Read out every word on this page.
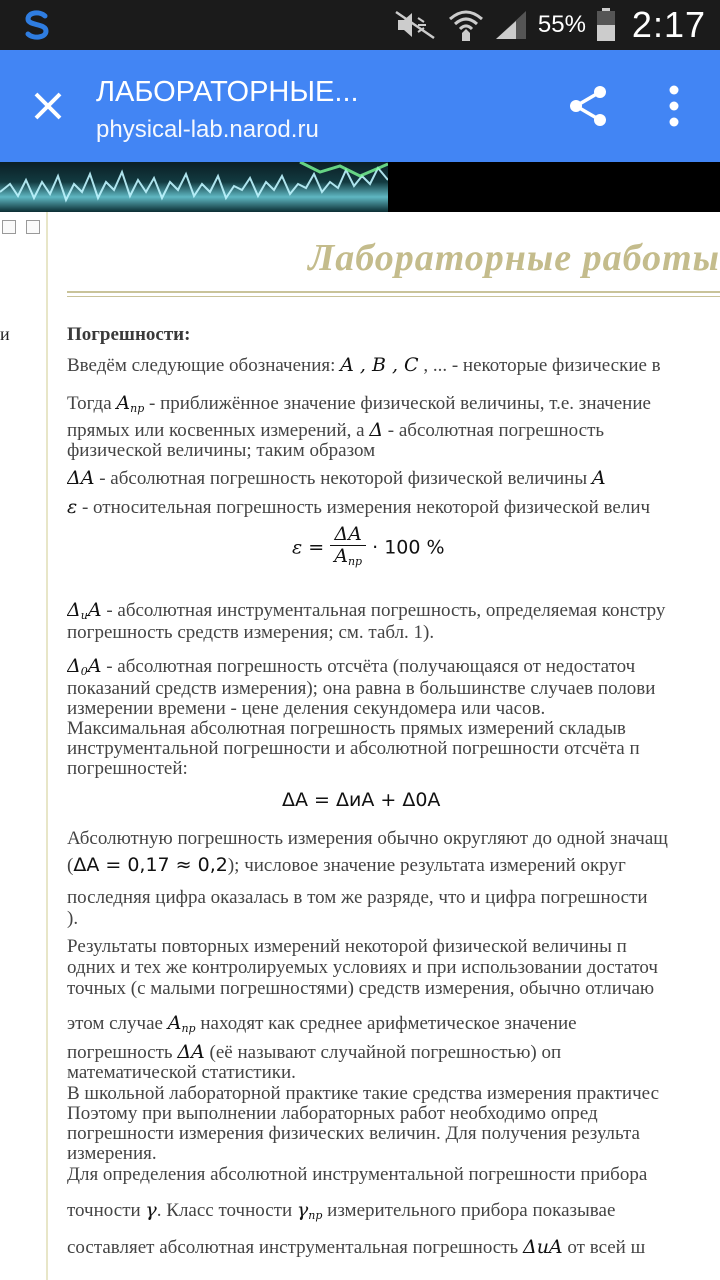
55% 2:17
ЛАБОРАТОРНЫЕ...
physical-lab.narod.ru
и
Лабораторные работы
Погрешности:
Введём следующие обозначения: A , B , C , ... - некоторые физические в
Тогда $A_{пр}$ - приближённое значение физической величины, т.е. значение
прямых или косвенных измерений, а Δ - абсолютная погрешность
физической величины; таким образом
ΔA - абсолютная погрешность некоторой физической величины A
ε - относительная погрешность измерения некоторой физической велич
$\varepsilon = \frac{\Delta A}{A_{пр}} \cdot 100$ %
$\Delta_иA$ - абсолютная инструментальная погрешность, определяемая констру
погрешность средств измерения; см. табл. 1).
$\Delta_0A$ - абсолютная погрешность отсчёта (получающаяся от недостаточ
показаний средств измерения); она равна в большинстве случаев полови
измерении времени - цене деления секундомера или часов.
Максимальная абсолютная погрешность прямых измерений складыв
инструментальной погрешности и абсолютной погрешности отсчёта п
погрешностей:
ΔA = ΔиA + Δ0A
Абсолютную погрешность измерения обычно округляют до одной значащ
(ΔA = 0,17 ≈ 0,2); числовое значение результата измерений округ
последняя цифра оказалась в том же разряде, что и цифра погрешности
).
Результаты повторных измерений некоторой физической величины п
одних и тех же контролируемых условиях и при использовании достаточ
точных (с малыми погрешностями) средств измерения, обычно отличаю
этом случае $A_{пр}$ находят как среднее арифметическое значение
погрешность ΔA (её называют случайной погрешностью) оп
математической статистики.
В школьной лабораторной практике такие средства измерения практичес
Поэтому при выполнении лабораторных работ необходимо опред
погрешности измерения физических величин. Для получения результа
измерения.
Для определения абсолютной инструментальной погрешности прибора
точности γ. Класс точности $\gamma_{пр}$ измерительного прибора показывае
составляет абсолютная инструментальная погрешность ΔиA от всей ш
